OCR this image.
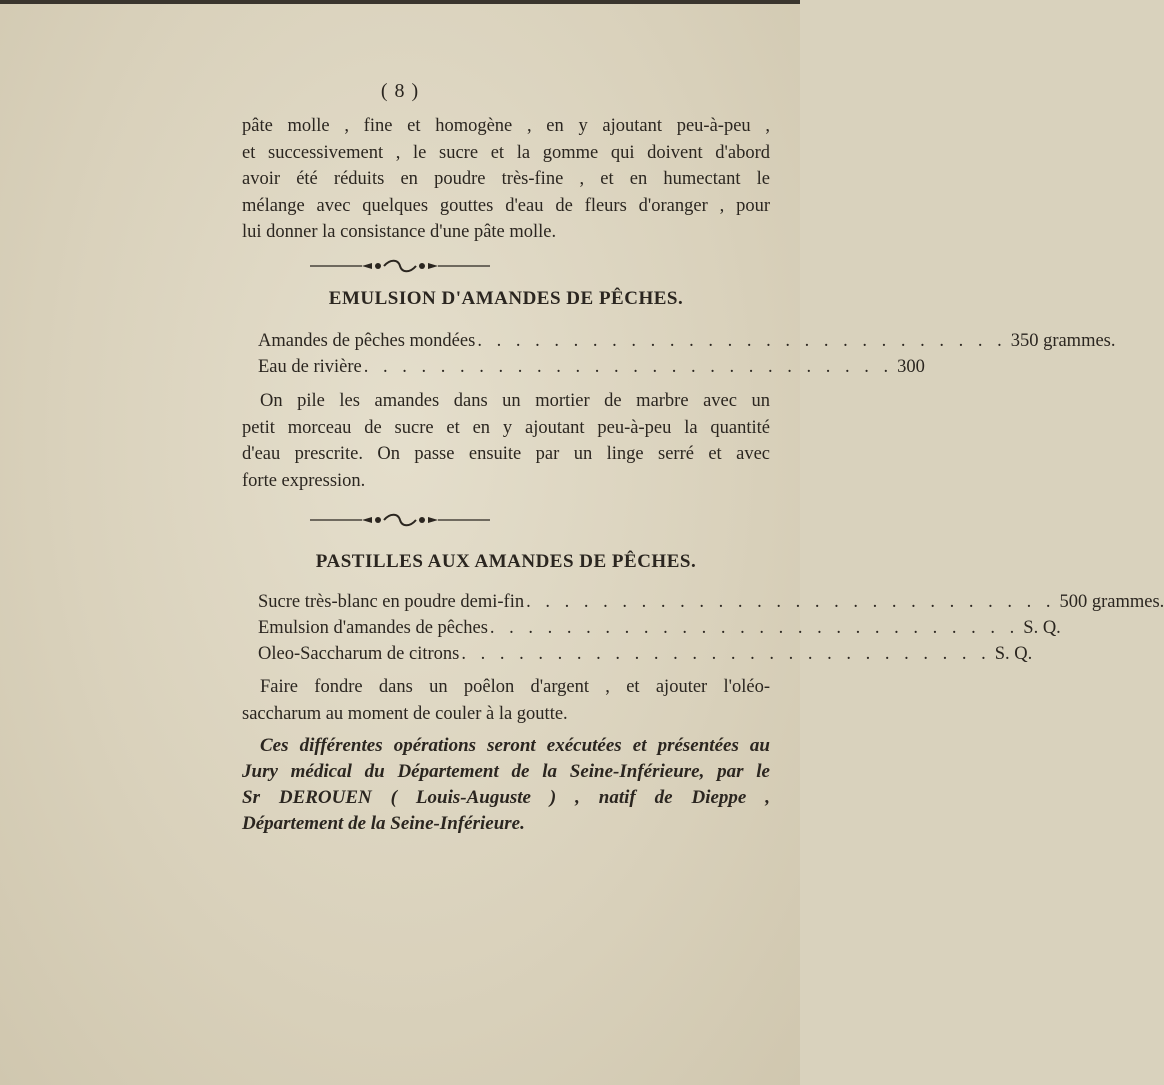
( 8 )
pâte molle , fine et homogène , en y ajoutant peu-à-peu ,
et successivement , le sucre et la gomme qui doivent d'abord
avoir été réduits en poudre très-fine , et en humectant le
mélange avec quelques gouttes d'eau de fleurs d'oranger , pour
lui donner la consistance d'une pâte molle.
EMULSION D'AMANDES DE PÊCHES.
Amandes de pêches mondées . . . . . . . . . . . . . . . . . . . . . . . . . . . . 350 grammes.
Eau de rivière . . . . . . . . . . . . . . . . . . . . . . . . . . . . 300
On pile les amandes dans un mortier de marbre avec un
petit morceau de sucre et en y ajoutant peu-à-peu la quantité
d'eau prescrite. On passe ensuite par un linge serré et avec
forte expression.
PASTILLES AUX AMANDES DE PÊCHES.
Sucre très-blanc en poudre demi-fin . . . . . . . . . . . . . . . . . . . . . . . . . . . . 500 grammes.
Emulsion d'amandes de pêches . . . . . . . . . . . . . . . . . . . . . . . . . . . . S. Q.
Oleo-Saccharum de citrons . . . . . . . . . . . . . . . . . . . . . . . . . . . . S. Q.
Faire fondre dans un poêlon d'argent , et ajouter l'oléo-
saccharum au moment de couler à la goutte.
Ces différentes opérations seront exécutées et présentées au
Jury médical du Département de la Seine-Inférieure, par le
Sr DEROUEN ( Louis-Auguste ) , natif de Dieppe ,
Département de la Seine-Inférieure.
